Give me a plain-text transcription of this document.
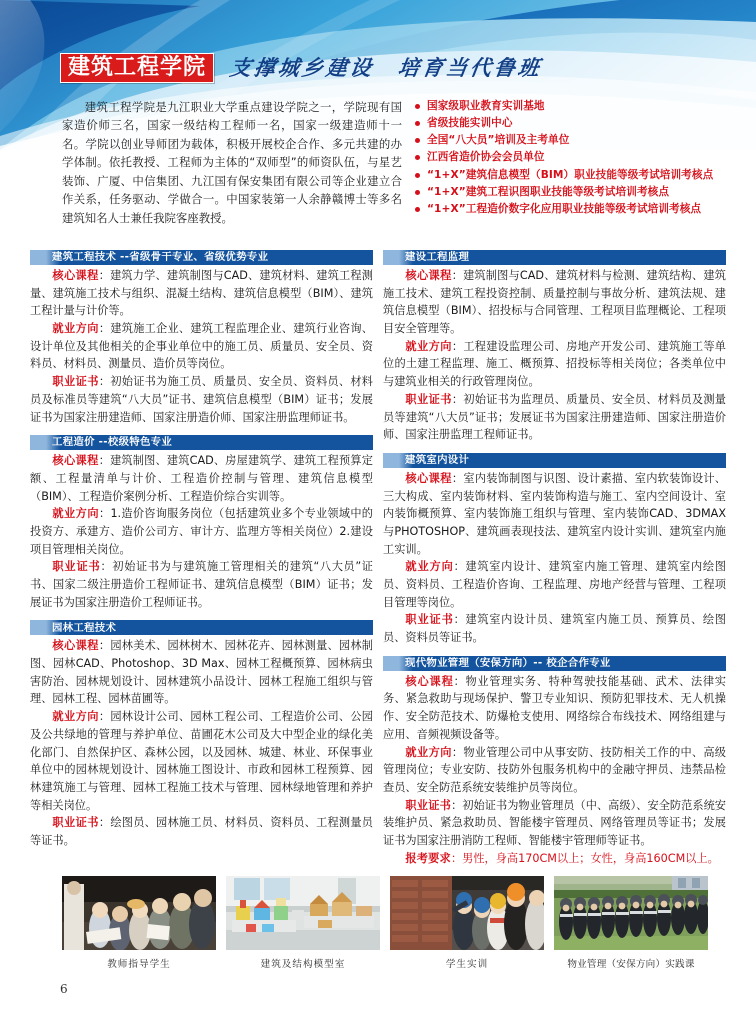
建筑工程学院	支撑城乡建设　培育当代鲁班

建筑工程学院是九江职业大学重点建设学院之一，学院现有国家造价师三名，国家一级结构工程师一名，国家一级建造师十一名。学院以创业导师团为载体，积极开展校企合作、多元共建的办学体制。依托教授、工程师为主体的“双师型”的师资队伍，与星艺装饰、广厦、中信集团、九江国有保安集团有限公司等企业建立合作关系，任务驱动、学做合一。中国家装第一人余静赣博士等多名建筑知名人士兼任我院客座教授。

国家级职业教育实训基地
省级技能实训中心
全国“八大员”培训及主考单位
江西省造价协会会员单位
“1+X”建筑信息模型（BIM）职业技能等级考试培训考核点
“1+X”建筑工程识图职业技能等级考试培训考核点
“1+X”工程造价数字化应用职业技能等级考试培训考核点
建筑工程技术 --省级骨干专业、省级优势专业

核心课程：建筑力学、建筑制图与CAD、建筑材料、建筑工程测量、建筑施工技术与组织、混凝土结构、建筑信息模型（BIM）、建筑工程计量与计价等。

就业方向：建筑施工企业、建筑工程监理企业、建筑行业咨询、设计单位及其他相关的企事业单位中的施工员、质量员、安全员、资料员、材料员、测量员、造价员等岗位。

职业证书：初始证书为施工员、质量员、安全员、资料员、材料员及标准员等建筑“八大员”证书、建筑信息模型（BIM）证书；发展证书为国家注册建造师、国家注册造价师、国家注册监理师证书。

工程造价 --校级特色专业

核心课程：建筑制图、建筑CAD、房屋建筑学、建筑工程预算定额、工程量清单与计价、工程造价控制与管理、建筑信息模型（BIM）、工程造价案例分析、工程造价综合实训等。

就业方向：1.造价咨询服务岗位（包括建筑业多个专业领域中的投资方、承建方、造价公司方、审计方、监理方等相关岗位）2.建设项目管理相关岗位。

职业证书：初始证书为与建筑施工管理相关的建筑“八大员”证书、国家二级注册造价工程师证书、建筑信息模型（BIM）证书；发展证书为国家注册造价工程师证书。

园林工程技术

核心课程：园林美术、园林树木、园林花卉、园林测量、园林制图、园林CAD、Photoshop、3D Max、园林工程概预算、园林病虫害防治、园林规划设计、园林建筑小品设计、园林工程施工组织与管理、园林工程、园林苗圃等。

就业方向：园林设计公司、园林工程公司、工程造价公司、公园及公共绿地的管理与养护单位、苗圃花木公司及大中型企业的绿化美化部门、自然保护区、森林公园，以及园林、城建、林业、环保事业单位中的园林规划设计、园林施工图设计、市政和园林工程预算、园林建筑施工与管理、园林工程施工技术与管理、园林绿地管理和养护等相关岗位。

职业证书：绘图员、园林施工员、材料员、资料员、工程测量员等证书。

建设工程监理

核心课程：建筑制图与CAD、建筑材料与检测、建筑结构、建筑施工技术、建筑工程投资控制、质量控制与事故分析、建筑法规、建筑信息模型（BIM）、招投标与合同管理、工程项目监理概论、工程项目安全管理等。

就业方向：工程建设监理公司、房地产开发公司、建筑施工等单位的土建工程监理、施工、概预算、招投标等相关岗位；各类单位中与建筑业相关的行政管理岗位。

职业证书：初始证书为监理员、质量员、安全员、材料员及测量员等建筑“八大员”证书；发展证书为国家注册建造师、国家注册造价师、国家注册监理工程师证书。

建筑室内设计

核心课程：室内装饰制图与识图、设计素描、室内软装饰设计、三大构成、室内装饰材料、室内装饰构造与施工、室内空间设计、室内装饰概预算、室内装饰施工组织与管理、室内装饰CAD、3DMAX与PHOTOSHOP、建筑画表现技法、建筑室内设计实训、建筑室内施工实训。

就业方向：建筑室内设计、建筑室内施工管理、建筑室内绘图员、资料员、工程造价咨询、工程监理、房地产经营与管理、工程项目管理等岗位。

职业证书：建筑室内设计员、建筑室内施工员、预算员、绘图员、资料员等证书。

现代物业管理（安保方向）-- 校企合作专业

核心课程：物业管理实务、特种驾驶技能基础、武术、法律实务、紧急救助与现场保护、警卫专业知识、预防犯罪技术、无人机操作、安全防范技术、防爆枪支使用、网络综合布线技术、网络组建与应用、音频视频设备等。

就业方向：物业管理公司中从事安防、技防相关工作的中、高级管理岗位；专业安防、技防外包服务机构中的金融守押员、违禁品检查员、安全防范系统安装维护员等岗位。

职业证书：初始证书为物业管理员（中、高级）、安全防范系统安装维护员、紧急救助员、智能楼宇管理员、网络管理员等证书；发展证书为国家注册消防工程师、智能楼宇管理师等证书。

报考要求：男性，身高170CM以上；女性，身高160CM以上。

教师指导学生	建筑及结构模型室	学生实训	物业管理（安保方向）实践课
6
